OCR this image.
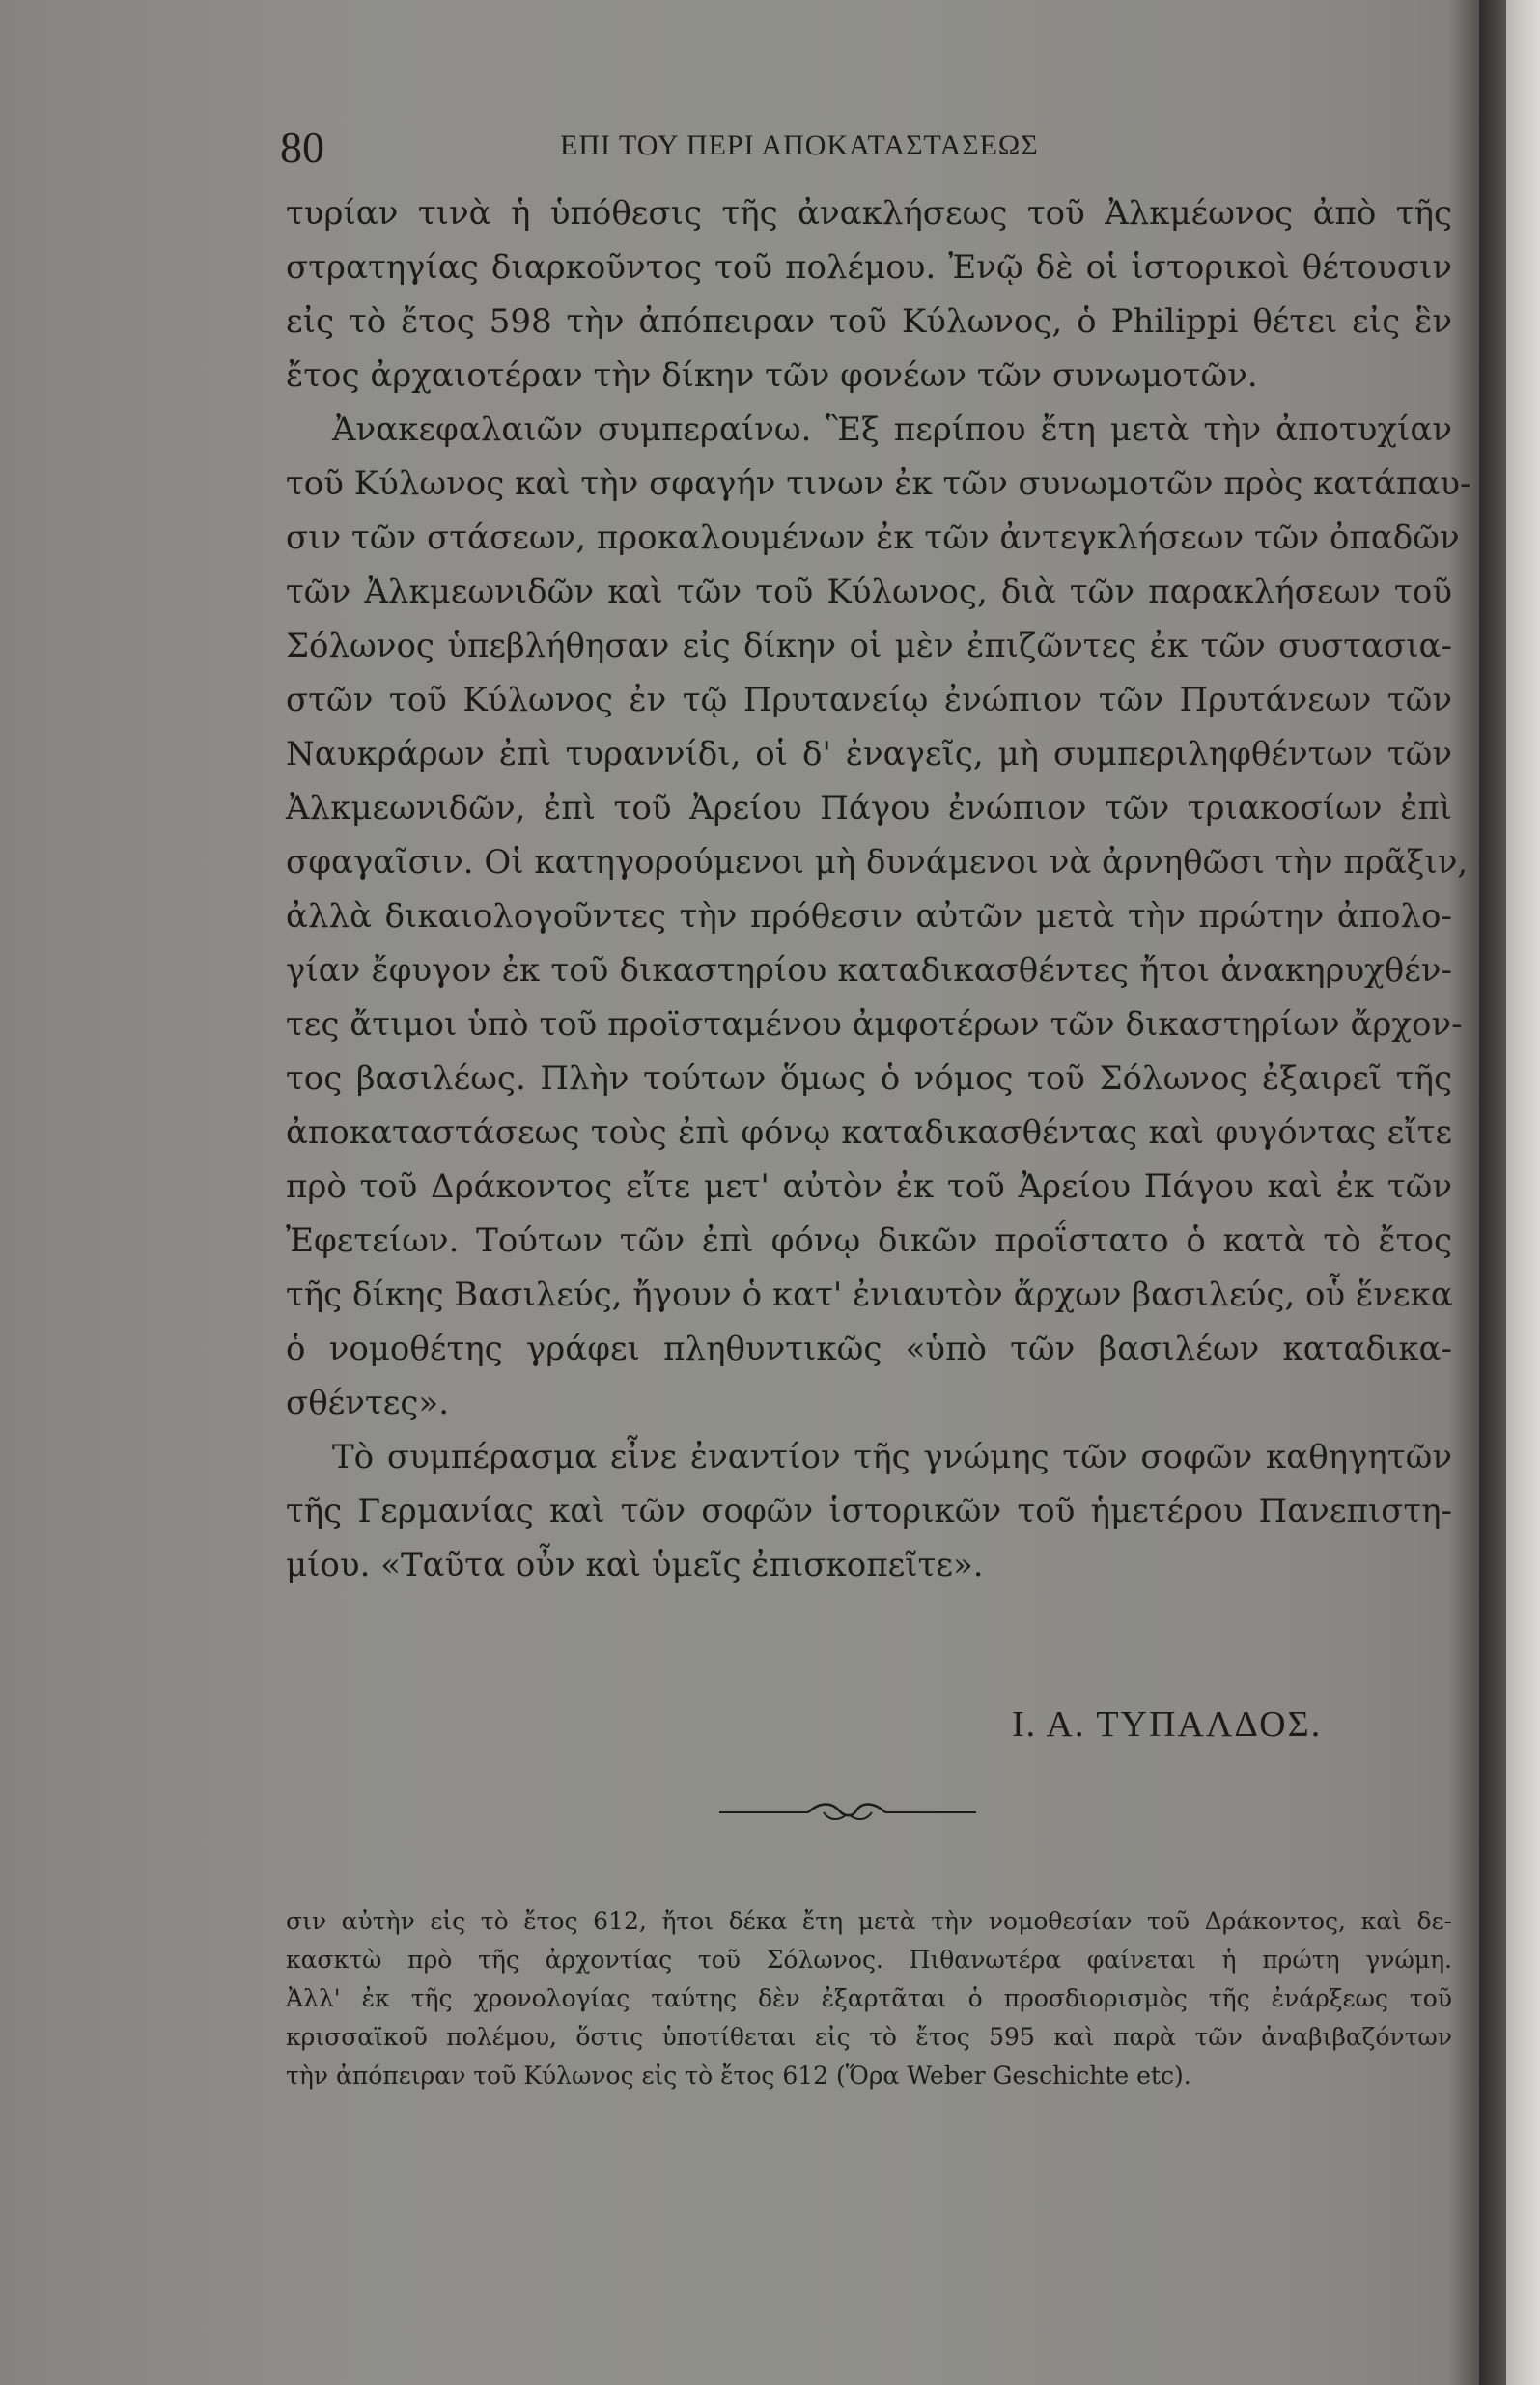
80	ΕΠΙ ΤΟΥ ΠΕΡΙ ΑΠΟΚΑΤΑΣΤΑΣΕΩΣ
τυρίαν τινὰ ἡ ὑπόθεσις τῆς ἀνακλήσεως τοῦ Ἀλκμέωνος ἀπὸ τῆς
στρατηγίας διαρκοῦντος τοῦ πολέμου. Ἐνῷ δὲ οἱ ἱστορικοὶ θέτουσιν
εἰς τὸ ἔτος 598 τὴν ἀπόπειραν τοῦ Κύλωνος, ὁ Philippi θέτει εἰς ἓν
ἔτος ἀρχαιοτέραν τὴν δίκην τῶν φονέων τῶν συνωμοτῶν.
Ἀνακεφαλαιῶν συμπεραίνω. Ἓξ περίπου ἔτη μετὰ τὴν ἀποτυχίαν
τοῦ Κύλωνος καὶ τὴν σφαγήν τινων ἐκ τῶν συνωμοτῶν πρὸς κατάπαυ-
σιν τῶν στάσεων, προκαλουμένων ἐκ τῶν ἀντεγκλήσεων τῶν ὀπαδῶν
τῶν Ἀλκμεωνιδῶν καὶ τῶν τοῦ Κύλωνος, διὰ τῶν παρακλήσεων τοῦ
Σόλωνος ὑπεβλήθησαν εἰς δίκην οἱ μὲν ἐπιζῶντες ἐκ τῶν συστασια-
στῶν τοῦ Κύλωνος ἐν τῷ Πρυτανείῳ ἐνώπιον τῶν Πρυτάνεων τῶν
Ναυκράρων ἐπὶ τυραννίδι, οἱ δ' ἐναγεῖς, μὴ συμπεριληφθέντων τῶν
Ἀλκμεωνιδῶν, ἐπὶ τοῦ Ἀρείου Πάγου ἐνώπιον τῶν τριακοσίων ἐπὶ
σφαγαῖσιν. Οἱ κατηγορούμενοι μὴ δυνάμενοι νὰ ἀρνηθῶσι τὴν πρᾶξιν,
ἀλλὰ δικαιολογοῦντες τὴν πρόθεσιν αὐτῶν μετὰ τὴν πρώτην ἀπολο-
γίαν ἔφυγον ἐκ τοῦ δικαστηρίου καταδικασθέντες ἤτοι ἀνακηρυχθέν-
τες ἄτιμοι ὑπὸ τοῦ προϊσταμένου ἀμφοτέρων τῶν δικαστηρίων ἄρχον-
τος βασιλέως. Πλὴν τούτων ὅμως ὁ νόμος τοῦ Σόλωνος ἐξαιρεῖ τῆς
ἀποκαταστάσεως τοὺς ἐπὶ φόνῳ καταδικασθέντας καὶ φυγόντας εἴτε
πρὸ τοῦ Δράκοντος εἴτε μετ' αὐτὸν ἐκ τοῦ Ἀρείου Πάγου καὶ ἐκ τῶν
Ἐφετείων. Τούτων τῶν ἐπὶ φόνῳ δικῶν προΐστατο ὁ κατὰ τὸ ἔτος
τῆς δίκης Βασιλεύς, ἤγουν ὁ κατ' ἐνιαυτὸν ἄρχων βασιλεύς, οὗ ἕνεκα
ὁ νομοθέτης γράφει πληθυντικῶς «ὑπὸ τῶν βασιλέων καταδικα-
σθέντες».
Τὸ συμπέρασμα εἶνε ἐναντίον τῆς γνώμης τῶν σοφῶν καθηγητῶν
τῆς Γερμανίας καὶ τῶν σοφῶν ἱστορικῶν τοῦ ἡμετέρου Πανεπιστη-
μίου. «Ταῦτα οὖν καὶ ὑμεῖς ἐπισκοπεῖτε».
Ι. Α. ΤΥΠΑΛΔΟΣ.
σιν αὐτὴν εἰς τὸ ἔτος 612, ἤτοι δέκα ἔτη μετὰ τὴν νομοθεσίαν τοῦ Δράκοντος, καὶ δε-
κασκτὼ πρὸ τῆς ἀρχοντίας τοῦ Σόλωνος. Πιθανωτέρα φαίνεται ἡ πρώτη γνώμη.
Ἀλλ' ἐκ τῆς χρονολογίας ταύτης δὲν ἐξαρτᾶται ὁ προσδιορισμὸς τῆς ἐνάρξεως τοῦ
κρισσαϊκοῦ πολέμου, ὅστις ὑποτίθεται εἰς τὸ ἔτος 595 καὶ παρὰ τῶν ἀναβιβαζόντων
τὴν ἀπόπειραν τοῦ Κύλωνος εἰς τὸ ἔτος 612 (Ὅρα Weber Geschichte etc).
